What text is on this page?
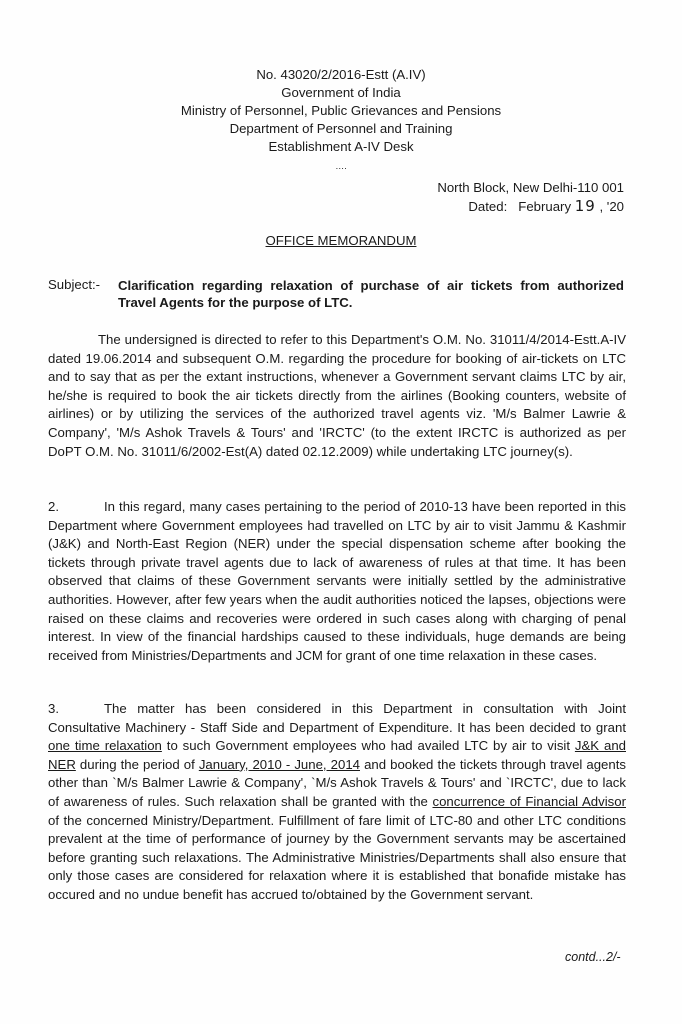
No. 43020/2/2016-Estt (A.IV)
Government of India
Ministry of Personnel, Public Grievances and Pensions
Department of Personnel and Training
Establishment A-IV Desk
….
North Block, New Delhi-110 001
Dated: February 19 , '20
OFFICE MEMORANDUM
Subject:- Clarification regarding relaxation of purchase of air tickets from authorized Travel Agents for the purpose of LTC.
The undersigned is directed to refer to this Department's O.M. No. 31011/4/2014-Estt.A-IV dated 19.06.2014 and subsequent O.M. regarding the procedure for booking of air-tickets on LTC and to say that as per the extant instructions, whenever a Government servant claims LTC by air, he/she is required to book the air tickets directly from the airlines (Booking counters, website of airlines) or by utilizing the services of the authorized travel agents viz. 'M/s Balmer Lawrie & Company', 'M/s Ashok Travels & Tours' and 'IRCTC' (to the extent IRCTC is authorized as per DoPT O.M. No. 31011/6/2002-Est(A) dated 02.12.2009) while undertaking LTC journey(s).
2.	In this regard, many cases pertaining to the period of 2010-13 have been reported in this Department where Government employees had travelled on LTC by air to visit Jammu & Kashmir (J&K) and North-East Region (NER) under the special dispensation scheme after booking the tickets through private travel agents due to lack of awareness of rules at that time. It has been observed that claims of these Government servants were initially settled by the administrative authorities. However, after few years when the audit authorities noticed the lapses, objections were raised on these claims and recoveries were ordered in such cases along with charging of penal interest. In view of the financial hardships caused to these individuals, huge demands are being received from Ministries/Departments and JCM for grant of one time relaxation in these cases.
3.	The matter has been considered in this Department in consultation with Joint Consultative Machinery - Staff Side and Department of Expenditure. It has been decided to grant one time relaxation to such Government employees who had availed LTC by air to visit J&K and NER during the period of January, 2010 - June, 2014 and booked the tickets through travel agents other than `M/s Balmer Lawrie & Company', `M/s Ashok Travels & Tours' and `IRCTC', due to lack of awareness of rules. Such relaxation shall be granted with the concurrence of Financial Advisor of the concerned Ministry/Department. Fulfillment of fare limit of LTC-80 and other LTC conditions prevalent at the time of performance of journey by the Government servants may be ascertained before granting such relaxations. The Administrative Ministries/Departments shall also ensure that only those cases are considered for relaxation where it is established that bonafide mistake has occured and no undue benefit has accrued to/obtained by the Government servant.
contd...2/-
